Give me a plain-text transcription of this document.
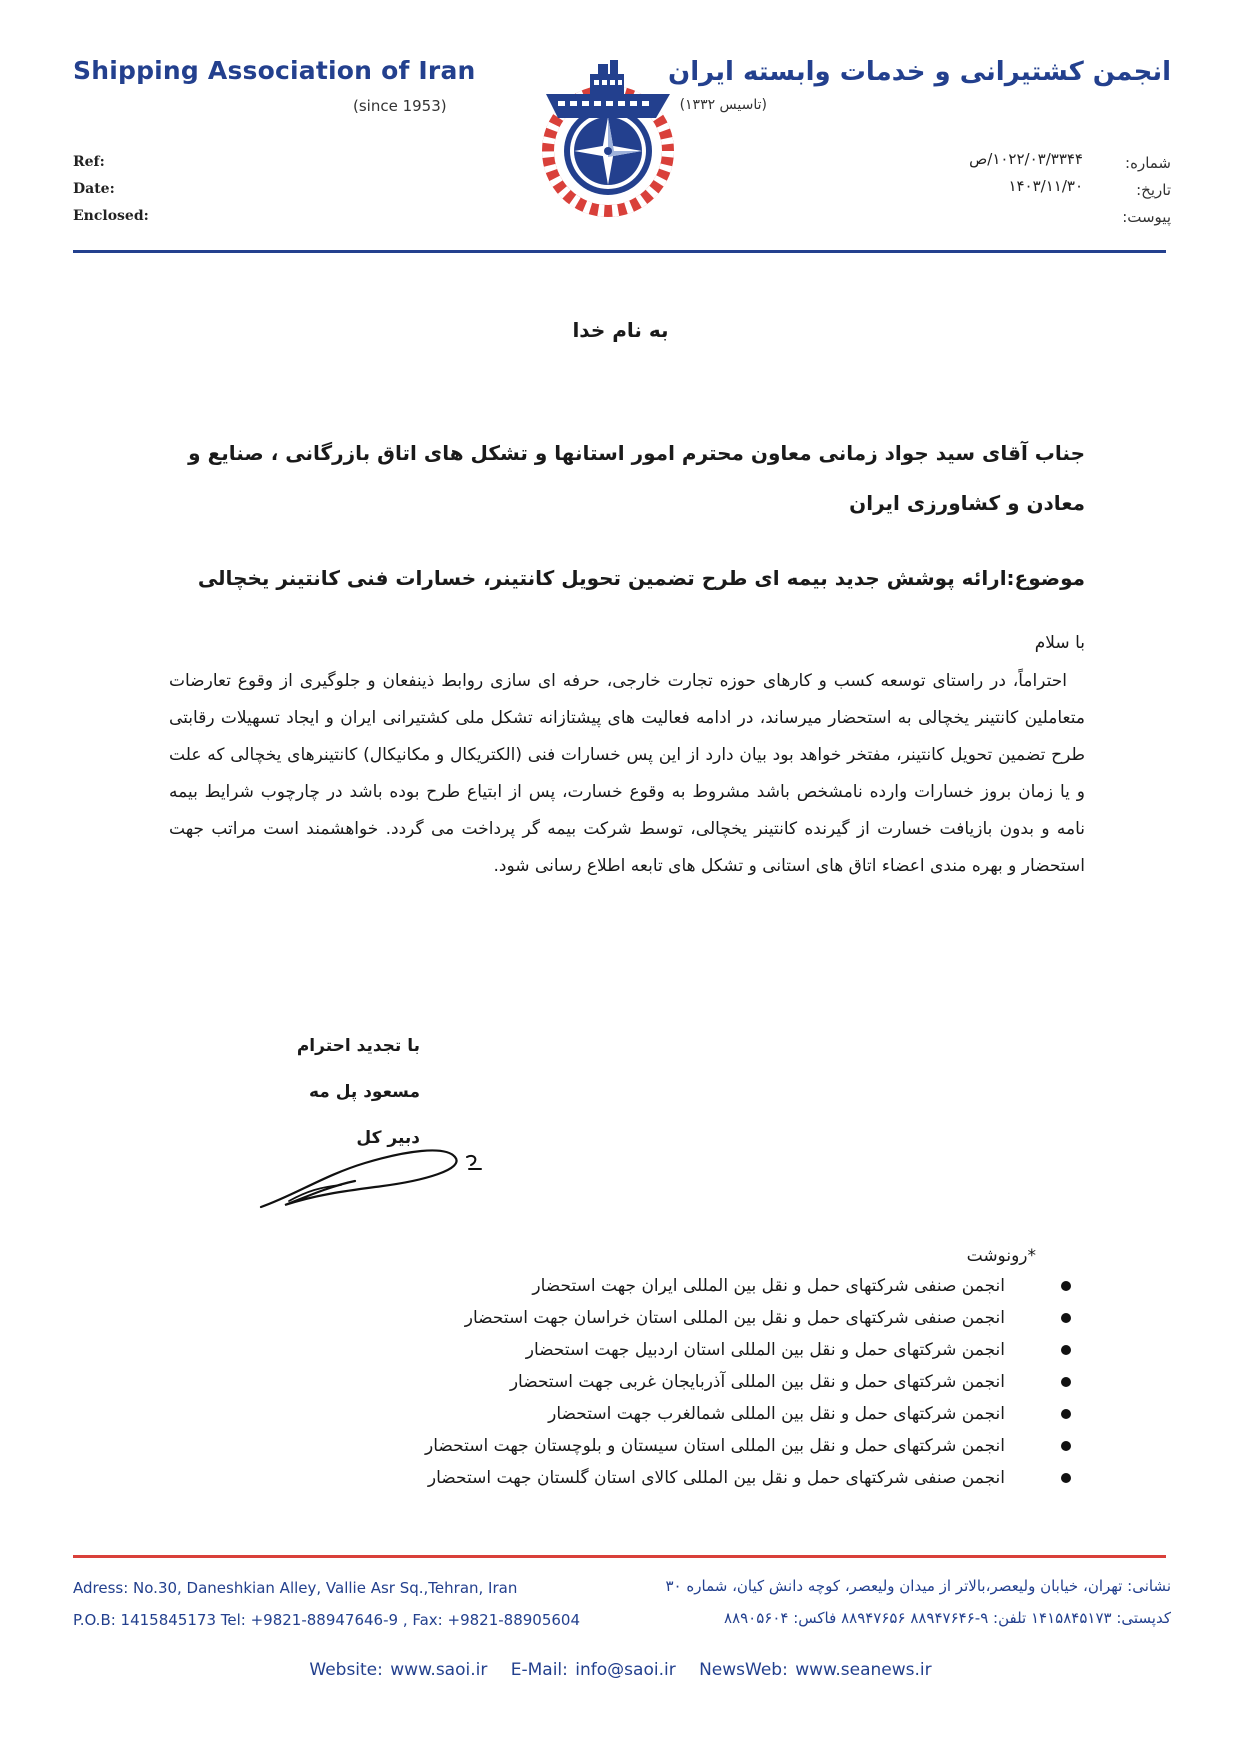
Shipping Association of Iran
(since 1953)
انجمن کشتیرانی و خدمات وابسته ایران
(تاسیس ۱۳۳۲)
Ref:
Date:
Enclosed:
شماره:
تاریخ:
پیوست:
۱۰۲۲/۰۳/۳۳۴۴/ص
۱۴۰۳/۱۱/۳۰
به نام خدا
جناب آقای سید جواد زمانی معاون محترم امور استانها و تشکل های اتاق بازرگانی ، صنایع و معادن و کشاورزی ایران
موضوع:ارائه پوشش جدید بیمه ای طرح تضمین تحویل کانتینر، خسارات فنی کانتینر یخچالی
با سلام

احتراماً، در راستای توسعه کسب و کارهای حوزه تجارت خارجی، حرفه ای سازی روابط ذینفعان و جلوگیری از وقوع تعارضات متعاملین کانتینر یخچالی به استحضار میرساند، در ادامه فعالیت های پیشتازانه تشکل ملی کشتیرانی ایران و ایجاد تسهیلات رقابتی طرح تضمین تحویل کانتینر، مفتخر خواهد بود بیان دارد از این پس خسارات فنی (الکتریکال و مکانیکال) کانتینرهای یخچالی که علت و یا زمان بروز خسارات وارده نامشخص باشد مشروط به وقوع خسارت، پس از ابتیاع طرح بوده باشد در چارچوب شرایط بیمه نامه و بدون بازیافت خسارت از گیرنده کانتینر یخچالی، توسط شرکت بیمه گر پرداخت می گردد. خواهشمند است مراتب جهت استحضار و بهره مندی اعضاء اتاق های استانی و تشکل های تابعه اطلاع رسانی شود.

با تجدید احترام
مسعود پل مه
دبیر کل
*رونوشت
انجمن صنفی شرکتهای حمل و نقل بین المللی ایران جهت استحضار
انجمن صنفی شرکتهای حمل و نقل بین المللی استان خراسان جهت استحضار
انجمن شرکتهای حمل و نقل بین المللی استان اردبیل جهت استحضار
انجمن شرکتهای حمل و نقل بین المللی آذربایجان غربی جهت استحضار
انجمن شرکتهای حمل و نقل بین المللی شمالغرب جهت استحضار
انجمن شرکتهای حمل و نقل بین المللی استان سیستان و بلوچستان جهت استحضار
انجمن صنفی شرکتهای حمل و نقل بین المللی کالای استان گلستان جهت استحضار
Adress: No.30, Daneshkian Alley, Vallie Asr Sq.,Tehran, Iran
P.O.B: 1415845173 Tel: +9821-88947646-9 , Fax: +9821-88905604
نشانی: تهران، خیابان ولیعصر،بالاتر از میدان ولیعصر، کوچه دانش کیان، شماره ۳۰
کدپستی: ۱۴۱۵۸۴۵۱۷۳ تلفن: ۹-۸۸۹۴۷۶۴۶ ۸۸۹۴۷۶۵۶ فاکس: ۸۸۹۰۵۶۰۴
Website: www.saoi.ir E-Mail: info@saoi.ir NewsWeb: www.seanews.ir
